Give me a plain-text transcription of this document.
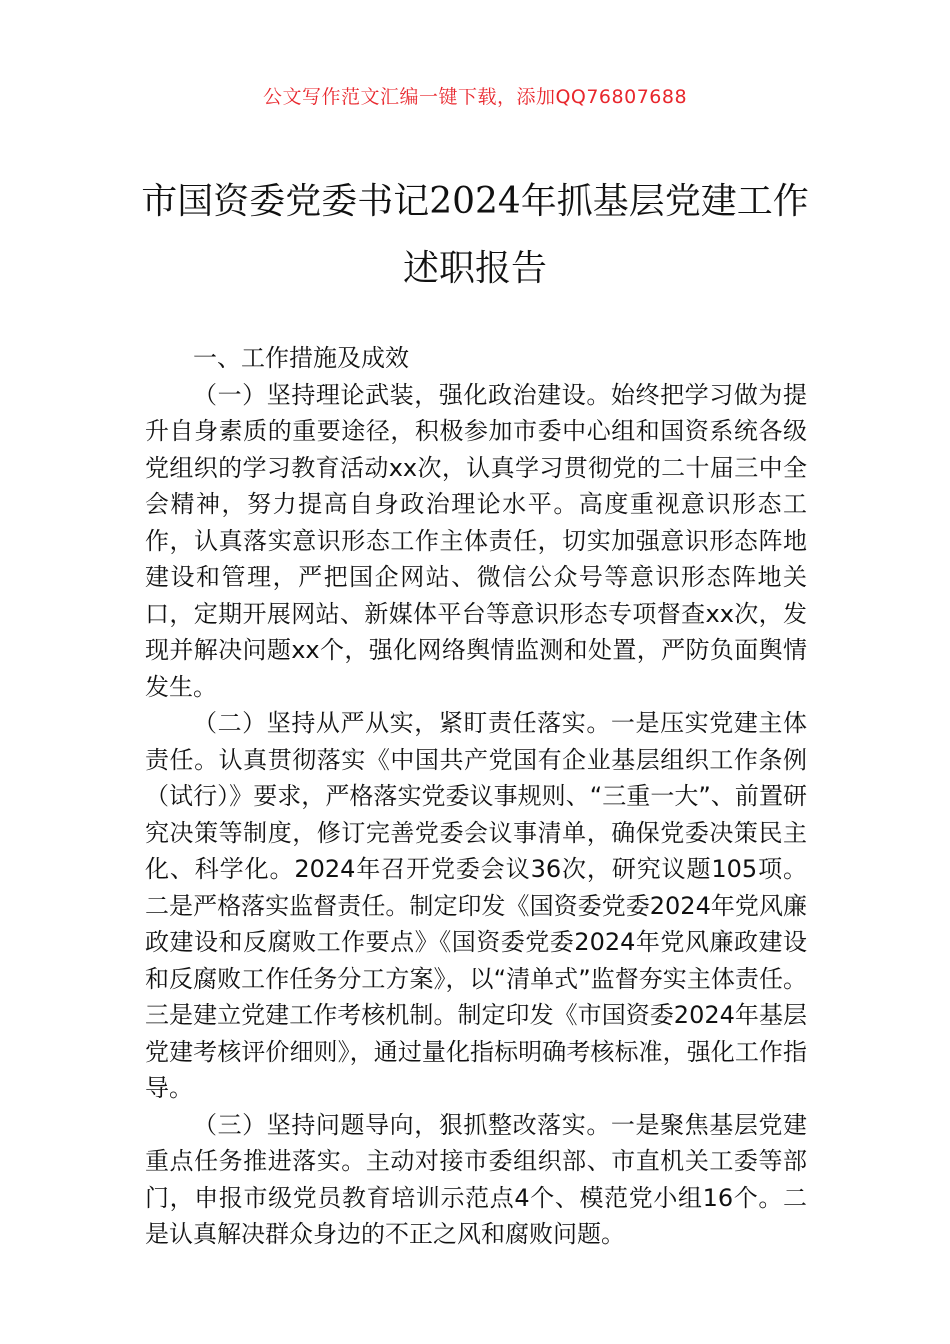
公文写作范文汇编一键下载，添加QQ76807688
市国资委党委书记2024年抓基层党建工作
述职报告

一、工作措施及成效

（一）坚持理论武装，强化政治建设。始终把学习做为提升自身素质的重要途径，积极参加市委中心组和国资系统各级党组织的学习教育活动xx次，认真学习贯彻党的二十届三中全会精神，努力提高自身政治理论水平。高度重视意识形态工作，认真落实意识形态工作主体责任，切实加强意识形态阵地建设和管理，严把国企网站、微信公众号等意识形态阵地关口，定期开展网站、新媒体平台等意识形态专项督查xx次，发现并解决问题xx个，强化网络舆情监测和处置，严防负面舆情发生。

（二）坚持从严从实，紧盯责任落实。一是压实党建主体责任。认真贯彻落实《中国共产党国有企业基层组织工作条例（试行）》要求，严格落实党委议事规则、“三重一大”、前置研究决策等制度，修订完善党委会议事清单，确保党委决策民主化、科学化。2024年召开党委会议36次，研究议题105项。二是严格落实监督责任。制定印发《国资委党委2024年党风廉政建设和反腐败工作要点》《国资委党委2024年党风廉政建设和反腐败工作任务分工方案》，以“清单式”监督夯实主体责任。三是建立党建工作考核机制。制定印发《市国资委2024年基层党建考核评价细则》，通过量化指标明确考核标准，强化工作指导。

（三）坚持问题导向，狠抓整改落实。一是聚焦基层党建重点任务推进落实。主动对接市委组织部、市直机关工委等部门，申报市级党员教育培训示范点4个、模范党小组16个。二是认真解决群众身边的不正之风和腐败问题。
